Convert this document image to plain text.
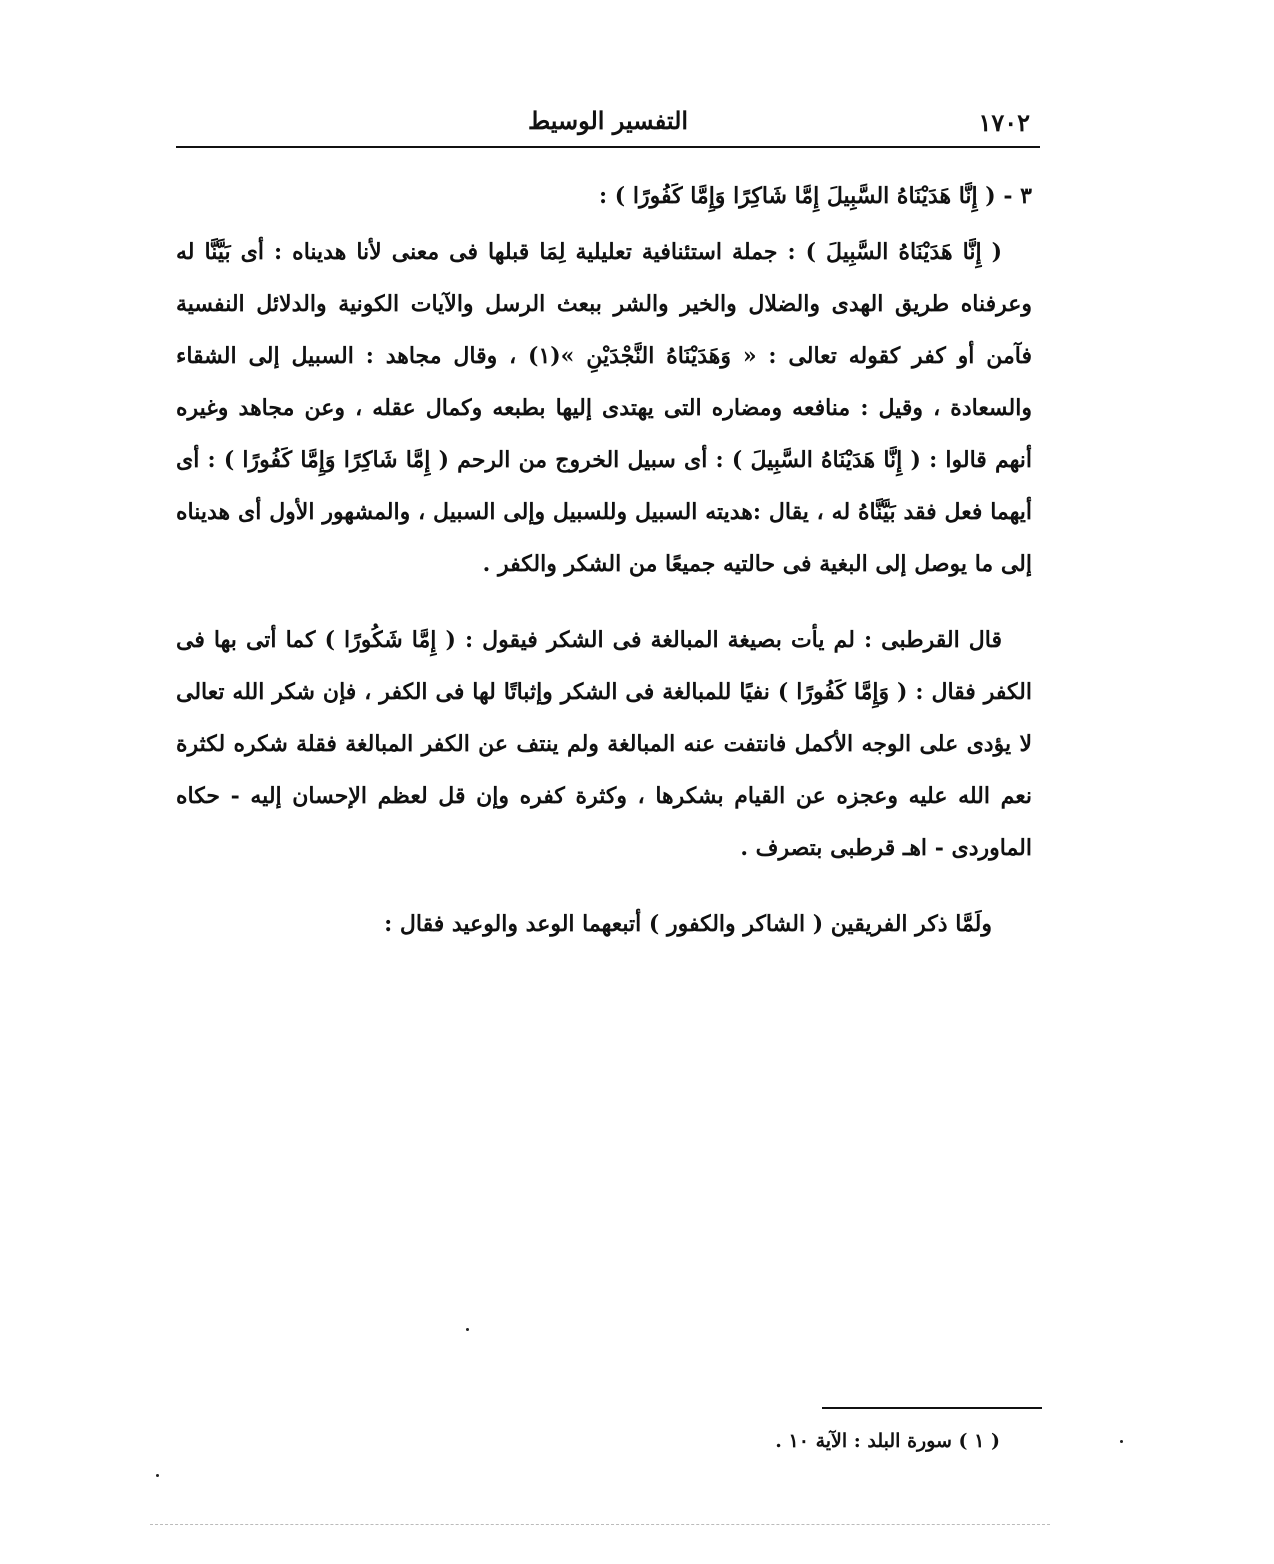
١٧٠٢
التفسير الوسيط

٣ - ( إِنَّا هَدَيْنَاهُ السَّبِيلَ إِمَّا شَاكِرًا وَإِمَّا كَفُورًا ) :

( إِنَّا هَدَيْنَاهُ السَّبِيلَ ) : جملة استئنافية تعليلية لِمَا قبلها فى معنى لأنا هديناه : أى بَيَّنَّا له وعرفناه طريق الهدى والضلال والخير والشر ببعث الرسل والآيات الكونية والدلائل النفسية فآمن أو كفر كقوله تعالى : « وَهَدَيْنَاهُ النَّجْدَيْنِ »(١) ، وقال مجاهد : السبيل إلى الشقاء والسعادة ، وقيل : منافعه ومضاره التى يهتدى إليها بطبعه وكمال عقله ، وعن مجاهد وغيره أنهم قالوا : ( إِنَّا هَدَيْنَاهُ السَّبِيلَ ) : أى سبيل الخروج من الرحم ( إِمَّا شَاكِرًا وَإِمَّا كَفُورًا ) : أى أيهما فعل فقد بَيَّنَّاهُ له ، يقال :هديته السبيل وللسبيل وإلى السبيل ، والمشهور الأول أى هديناه إلى ما يوصل إلى البغية فى حالتيه جميعًا من الشكر والكفر .

قال القرطبى : لم يأت بصيغة المبالغة فى الشكر فيقول : ( إِمَّا شَكُورًا ) كما أتى بها فى الكفر فقال : ( وَإِمَّا كَفُورًا ) نفيًا للمبالغة فى الشكر وإثباتًا لها فى الكفر ، فإن شكر الله تعالى لا يؤدى على الوجه الأكمل فانتفت عنه المبالغة ولم ينتف عن الكفر المبالغة فقلة شكره لكثرة نعم الله عليه وعجزه عن القيام بشكرها ، وكثرة كفره وإن قل لعظم الإحسان إليه - حكاه الماوردى - اهـ قرطبى بتصرف .

ولَمَّا ذكر الفريقين ( الشاكر والكفور ) أتبعهما الوعد والوعيد فقال :

( ١ ) سورة البلد : الآية ١٠ .
